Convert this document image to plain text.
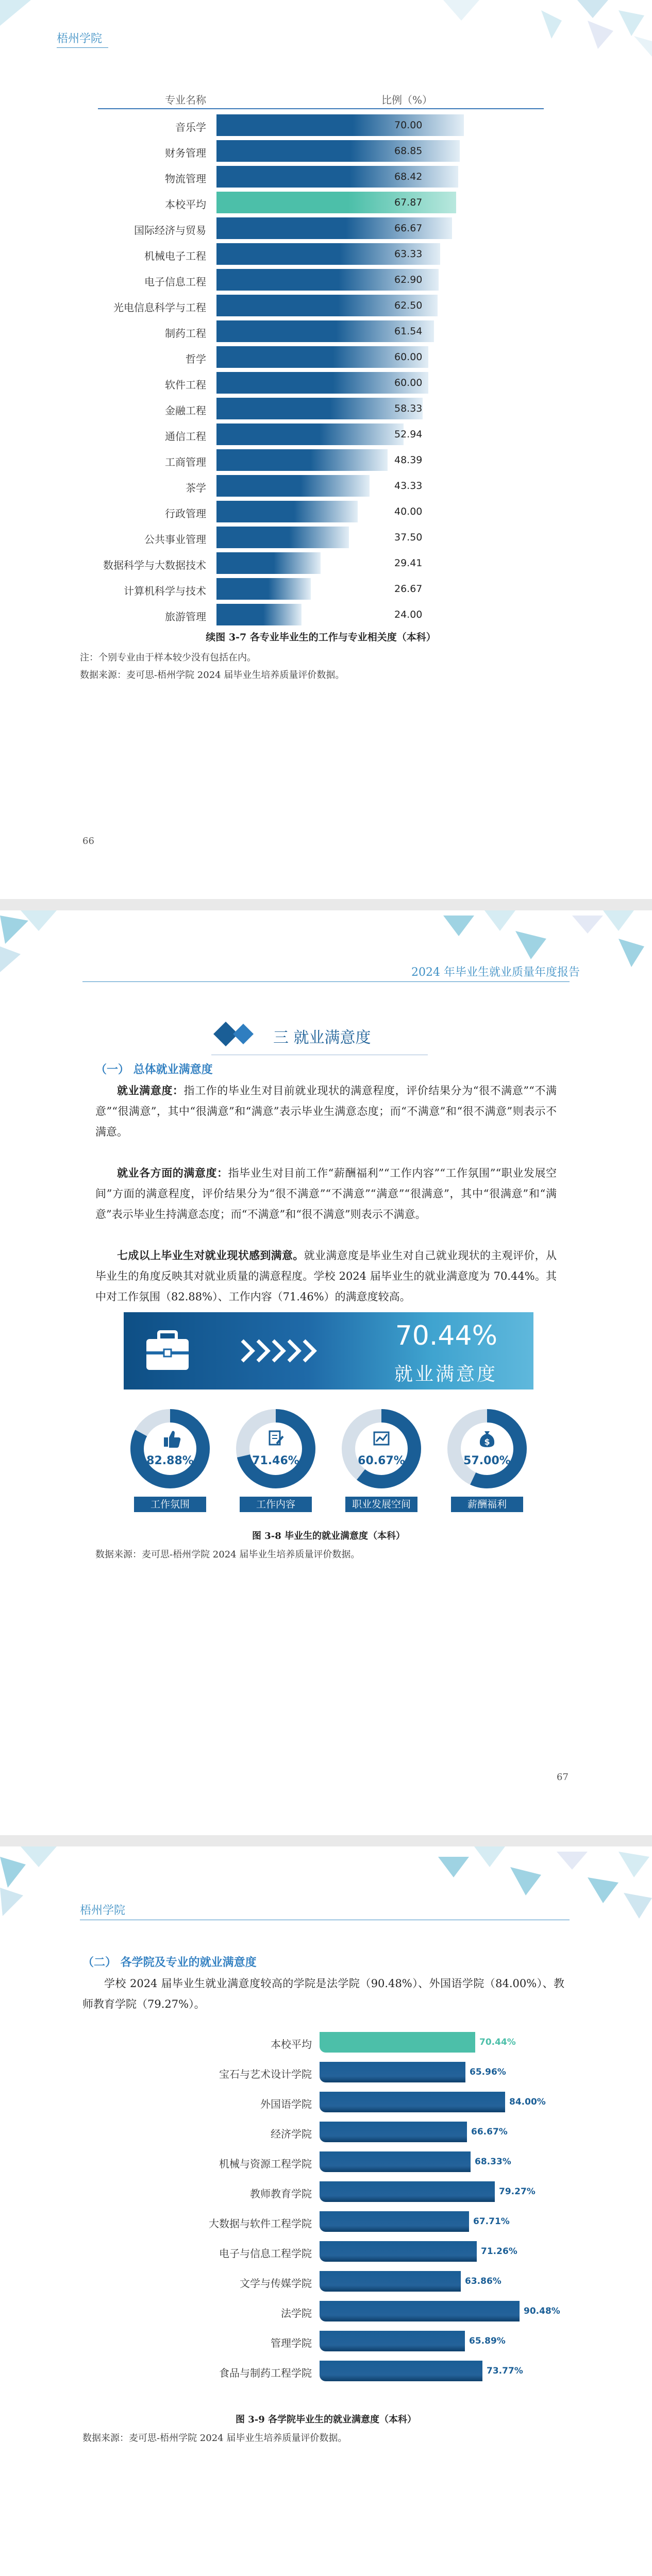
梧州学院
专业名称	比例（%）
音乐学	70.00
财务管理	68.85
物流管理	68.42
本校平均	67.87
国际经济与贸易	66.67
机械电子工程	63.33
电子信息工程	62.90
光电信息科学与工程	62.50
制药工程	61.54
哲学	60.00
软件工程	60.00
金融工程	58.33
通信工程	52.94
工商管理	48.39
茶学	43.33
行政管理	40.00
公共事业管理	37.50
数据科学与大数据技术	29.41
计算机科学与技术	26.67
旅游管理	24.00
续图 3-7 各专业毕业生的工作与专业相关度（本科）
注：个别专业由于样本较少没有包括在内。
数据来源：麦可思-梧州学院 2024 届毕业生培养质量评价数据。
66
2024 年毕业生就业质量年度报告
三 就业满意度
（一） 总体就业满意度
就业满意度：指工作的毕业生对目前就业现状的满意程度，评价结果分为“很不满意”“不满意”“很满意”，其中“很满意”和“满意”表示毕业生满意态度；而“不满意”和“很不满意”则表示不满意。
就业各方面的满意度：指毕业生对目前工作“薪酬福利”“工作内容”“工作氛围”“职业发展空间”方面的满意程度，评价结果分为“很不满意”“不满意”“满意”“很满意”，其中“很满意”和“满意”表示毕业生持满意态度；而“不满意”和“很不满意”则表示不满意。
七成以上毕业生对就业现状感到满意。就业满意度是毕业生对自己就业现状的主观评价，从毕业生的角度反映其对就业质量的满意程度。学校 2024 届毕业生的就业满意度为 70.44%。其中对工作氛围（82.88%）、工作内容（71.46%）的满意度较高。
70.44%
就业满意度
82.88%
工作氛围
71.46%
工作内容
60.67%
职业发展空间
$
57.00%
薪酬福利
图 3-8 毕业生的就业满意度（本科）
数据来源：麦可思-梧州学院 2024 届毕业生培养质量评价数据。
67
梧州学院
（二） 各学院及专业的就业满意度
学校 2024 届毕业生就业满意度较高的学院是法学院（90.48%）、外国语学院（84.00%）、教师教育学院（79.27%）。
本校平均	70.44%
宝石与艺术设计学院	65.96%
外国语学院	84.00%
经济学院	66.67%
机械与资源工程学院	68.33%
教师教育学院	79.27%
大数据与软件工程学院	67.71%
电子与信息工程学院	71.26%
文学与传媒学院	63.86%
法学院	90.48%
管理学院	65.89%
食品与制药工程学院	73.77%
图 3-9 各学院毕业生的就业满意度（本科）
数据来源：麦可思-梧州学院 2024 届毕业生培养质量评价数据。
